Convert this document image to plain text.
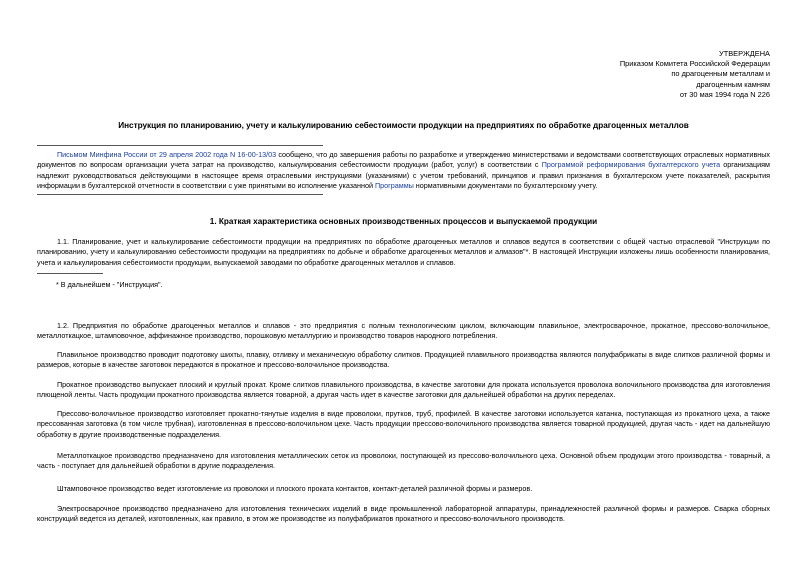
УТВЕРЖДЕНА
Приказом Комитета Российской Федерации
по драгоценным металлам и
драгоценным камням
от 30 мая 1994 года N 226
Инструкция по планированию, учету и калькулированию себестоимости продукции на предприятиях по обработке драгоценных металлов
Письмом Минфина России от 29 апреля 2002 года N 16-00-13/03 сообщено, что до завершения работы по разработке и утверждению министерствами и ведомствами соответствующих отраслевых нормативных документов по вопросам организации учета затрат на производство, калькулирования себестоимости продукции (работ, услуг) в соответствии с Программой реформирования бухгалтерского учета организациям надлежит руководствоваться действующими в настоящее время отраслевыми инструкциями (указаниями) с учетом требований, принципов и правил признания в бухгалтерском учете показателей, раскрытия информации в бухгалтерской отчетности в соответствии с уже принятыми во исполнение указанной Программы нормативными документами по бухгалтерскому учету.
1. Краткая характеристика основных производственных процессов и выпускаемой продукции
1.1. Планирование, учет и калькулирование себестоимости продукции на предприятиях по обработке драгоценных металлов и сплавов ведутся в соответствии с общей частью отраслевой "Инструкции по планированию, учету и калькулированию себестоимости продукции на предприятиях по добыче и обработке драгоценных металлов и алмазов"*. В настоящей Инструкции изложены лишь особенности планирования, учета и калькулирования себестоимости продукции, выпускаемой заводами по обработке драгоценных металлов и сплавов.
* В дальнейшем - "Инструкция".
1.2. Предприятия по обработке драгоценных металлов и сплавов - это предприятия с полным технологическим циклом, включающим плавильное, электросварочное, прокатное, прессово-волочильное, металлоткацкое, штамповочное, аффинажное производство, порошковую металлургию и производство товаров народного потребления.
Плавильное производство проводит подготовку шихты, плавку, отливку и механическую обработку слитков. Продукцией плавильного производства являются полуфабрикаты в виде слитков различной формы и размеров, которые в качестве заготовок передаются в прокатное и прессово-волочильное производства.
Прокатное производство выпускает плоский и круглый прокат. Кроме слитков плавильного производства, в качестве заготовки для проката используется проволока волочильного производства для изготовления плющеной ленты. Часть продукции прокатного производства является товарной, а другая часть идет в качестве заготовки для дальнейшей обработки на других переделах.
Прессово-волочильное производство изготовляет прокатно-тянутые изделия в виде проволоки, прутков, труб, профилей. В качестве заготовки используется катанка, поступающая из прокатного цеха, а также прессованная заготовка (в том числе трубная), изготовленная в прессово-волочильном цехе. Часть продукции прессово-волочильного производства является товарной продукцией, другая часть - идет на дальнейшую обработку в другие производственные подразделения.
Металлоткацкое производство предназначено для изготовления металлических сеток из проволоки, поступающей из прессово-волочильного цеха. Основной объем продукции этого производства - товарный, а часть - поступает для дальнейшей обработки в другие подразделения.
Штамповочное производство ведет изготовление из проволоки и плоского проката контактов, контакт-деталей различной формы и размеров.
Электросварочное производство предназначено для изготовления технических изделий в виде промышленной лабораторной аппаратуры, принадлежностей различной формы и размеров. Сварка сборных конструкций ведется из деталей, изготовленных, как правило, в этом же производстве из полуфабрикатов прокатного и прессово-волочильного производств.
